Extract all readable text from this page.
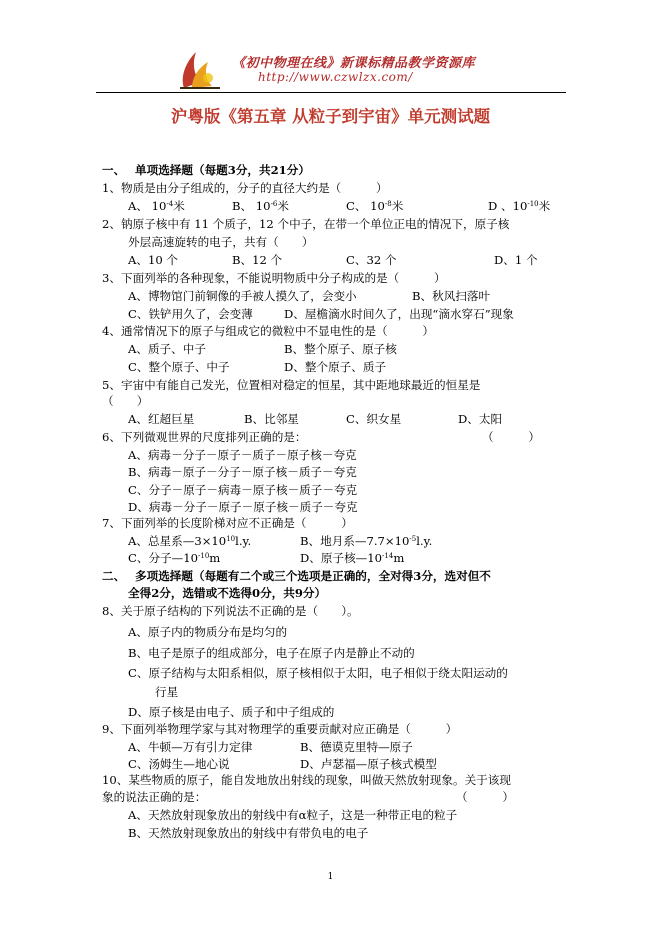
《初中物理在线》新课标精品教学资源库
http://www.czwlzx.com/
沪粤版《第五章 从粒子到宇宙》单元测试题
一、　 单项选择题（每题3分，共21分）
1、物质是由分子组成的，分子的直径大约是（　　　）
A、 $10^{-4}$米	B、 $10^{-6}$米	C、 $10^{-8}$米	D 、$10^{-10}$米
2、钠原子核中有 11 个质子，12 个中子，在带一个单位正电的情况下，原子核
外层高速旋转的电子，共有（　　）
A、10 个	B、12 个	C、32 个	D、1 个
3、下面列举的各种现象，不能说明物质中分子构成的是（　　　）
A、博物馆门前铜像的手被人摸久了，会变小	B、秋风扫落叶
C、铁铲用久了，会变薄	D、屋檐滴水时间久了，出现“滴水穿石”现象
4、通常情况下的原子与组成它的微粒中不显电性的是（　　　）
A、质子、中子	B、整个原子、原子核
C、整个原子、中子	D、整个原子、质子
5、宇宙中有能自己发光，位置相对稳定的恒星，其中距地球最近的恒星是
（　　）
A、红超巨星	B、比邻星	C、织女星	D、太阳
6、下列微观世界的尺度排列正确的是：	（　　　）
A、病毒－分子－原子－质子－原子核－夸克
B、病毒－原子－分子－原子核－质子－夸克
C、分子－原子－病毒－原子核－质子－夸克
D、病毒－分子－原子－原子核－质子－夸克
7、下面列举的长度阶梯对应不正确是（　　　）
A、总星系$—3\times 10^{10}l.y$.	B、地月系$—7.7\times 10^{-5}l.y$.
C、分子$—10^{-10}m$	D、原子核$—10^{-14}m$
二、　 多项选择题（每题有二个或三个选项是正确的，全对得3分，选对但不
全得2分，选错或不选得0分，共9分）
8、关于原子结构的下列说法不正确的是（　　）。
A、原子内的物质分布是均匀的
B、电子是原子的组成部分，电子在原子内是静止不动的
C、原子结构与太阳系相似，原子核相似于太阳，电子相似于绕太阳运动的
行星
D、原子核是由电子、质子和中子组成的
9、下面列举物理学家与其对物理学的重要贡献对应正确是（　　　）
A、牛顿—万有引力定律	B、德谟克里特—原子
C、汤姆生—地心说	D、卢瑟福—原子核式模型
10、某些物质的原子，能自发地放出射线的现象，叫做天然放射现象。关于该现
象的说法正确的是：	（　　　）
A、天然放射现象放出的射线中有α粒子，这是一种带正电的粒子
B、天然放射现象放出的射线中有带负电的电子
1
